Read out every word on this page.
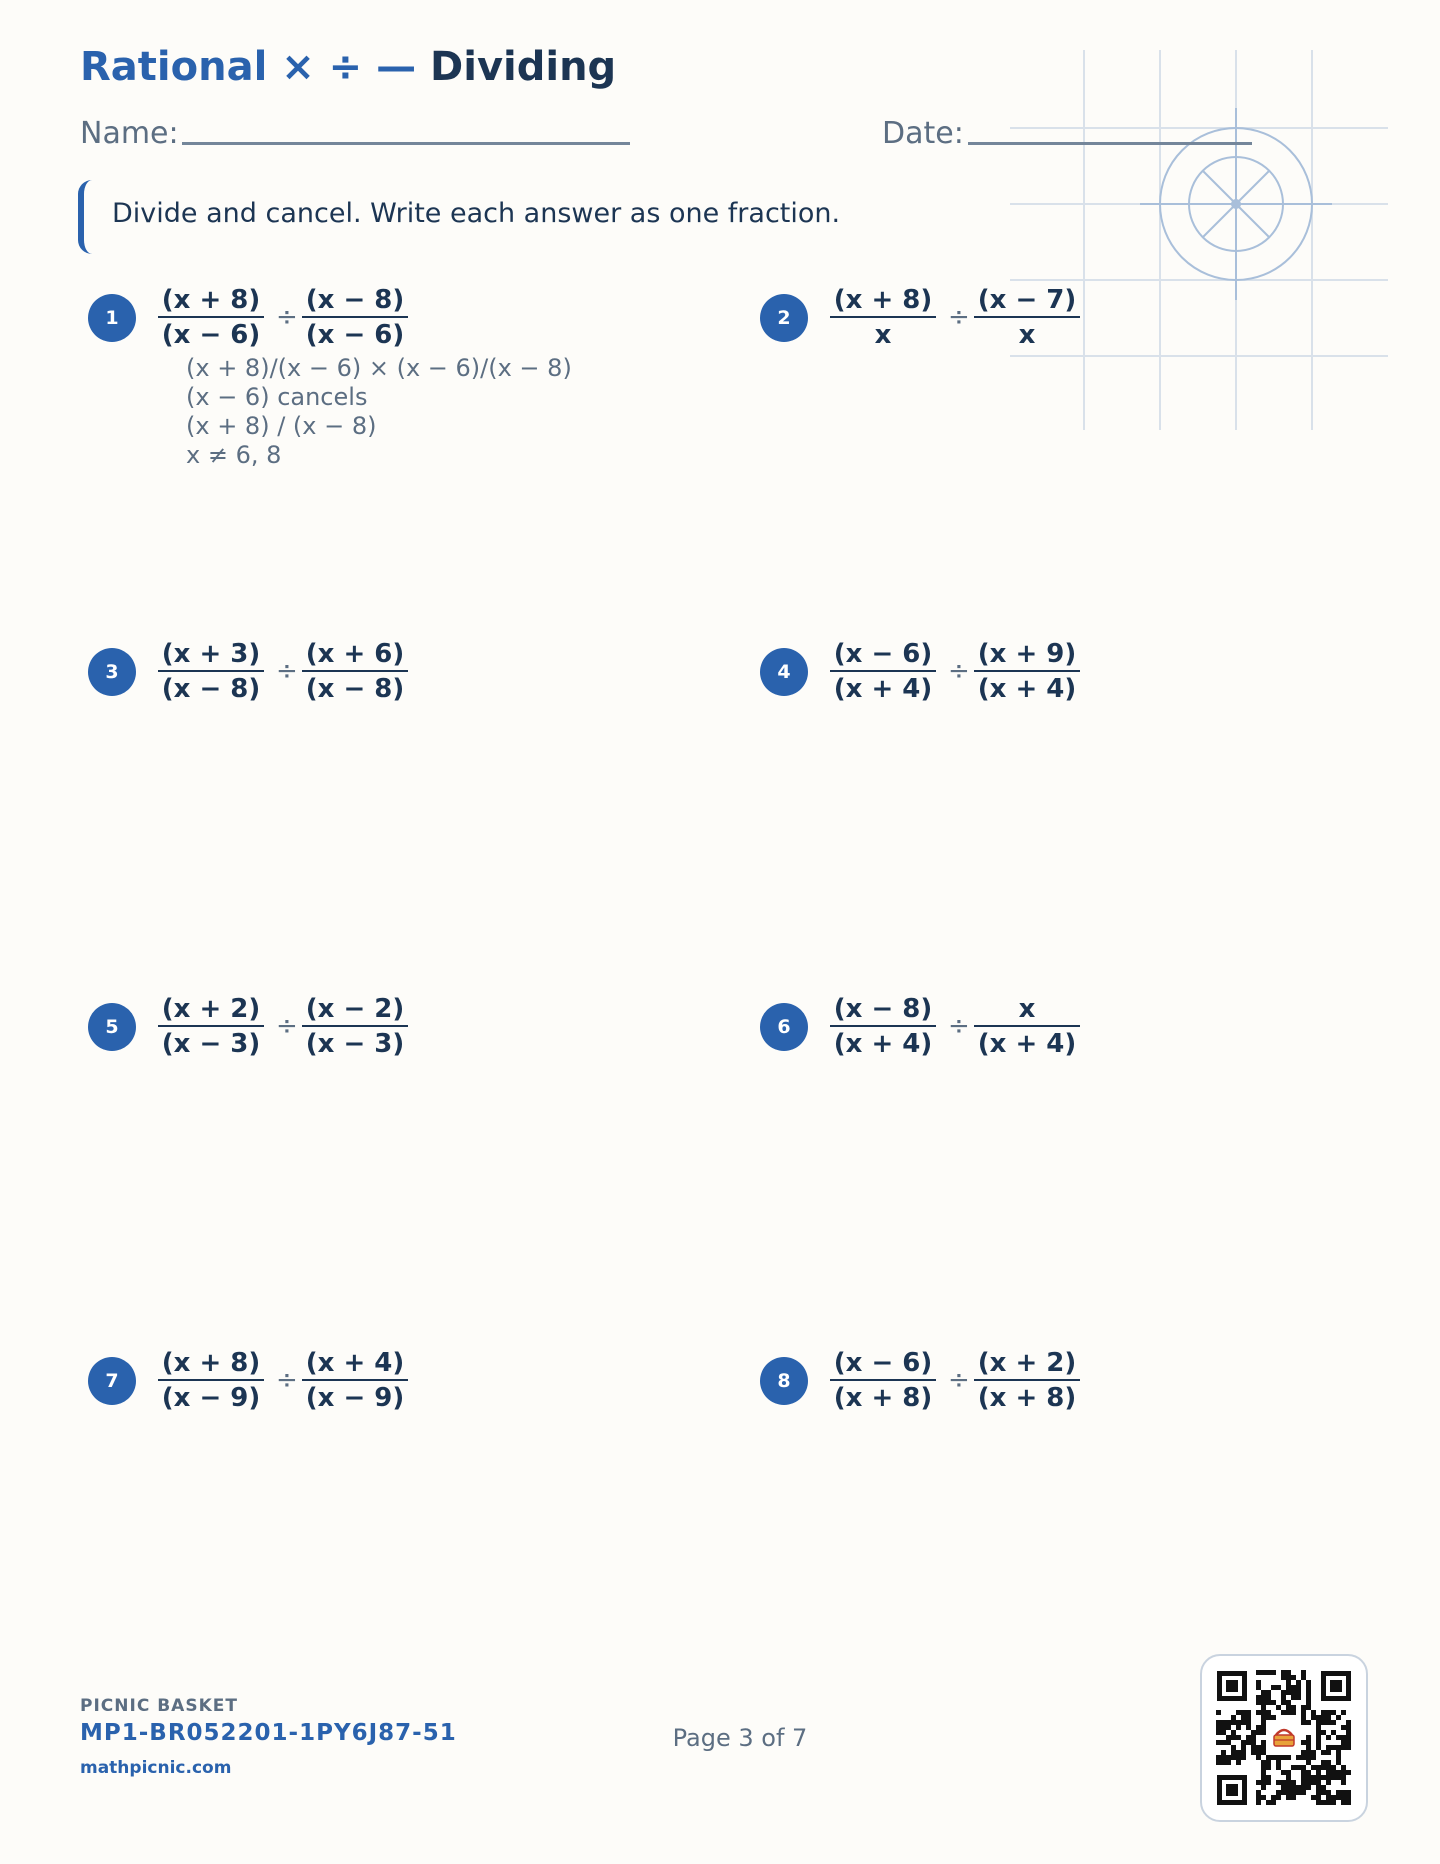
Rational × ÷ — Dividing
Name:	Date:
Divide and cancel. Write each answer as one fraction.
1	$\frac{(x + 8)}{(x - 6)} \div \frac{(x - 8)}{(x - 6)}$
(x + 8)/(x − 6) × (x − 6)/(x − 8)
(x − 6) cancels
(x + 8) / (x − 8)
x ≠ 6, 8
2	$\frac{(x + 8)}{x} \div \frac{(x - 7)}{x}$
3	$\frac{(x + 3)}{(x - 8)} \div \frac{(x + 6)}{(x - 8)}$	4	$\frac{(x - 6)}{(x + 4)} \div \frac{(x + 9)}{(x + 4)}$
5	$\frac{(x + 2)}{(x - 3)} \div \frac{(x - 2)}{(x - 3)}$	6	$\frac{(x - 8)}{(x + 4)} \div \frac{x}{(x + 4)}$
7	$\frac{(x + 8)}{(x - 9)} \div \frac{(x + 4)}{(x - 9)}$	8	$\frac{(x - 6)}{(x + 8)} \div \frac{(x + 2)}{(x + 8)}$
PICNIC BASKET
MP1-BR052201-1PY6J87-51
mathpicnic.com
Page 3 of 7
